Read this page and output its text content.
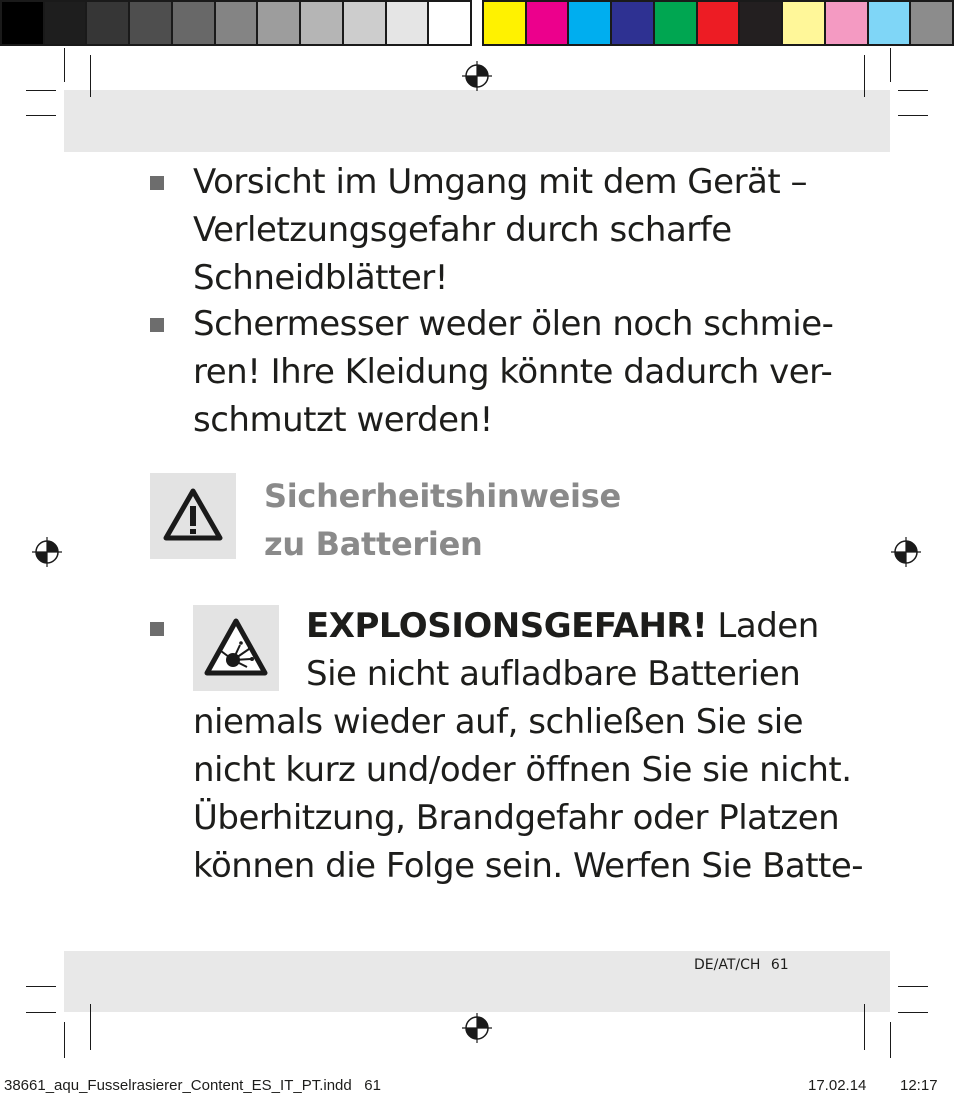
Vorsicht im Umgang mit dem Gerät –
Verletzungsgefahr durch scharfe
Schneidblätter!
Schermesser weder ölen noch schmie-
ren! Ihre Kleidung könnte dadurch ver-
schmutzt werden!
Sicherheitshinweise
zu Batterien
EXPLOSIONSGEFAHR! Laden
Sie nicht aufladbare Batterien
niemals wieder auf, schließen Sie sie
nicht kurz und/oder öffnen Sie sie nicht.
Überhitzung, Brandgefahr oder Platzen
können die Folge sein. Werfen Sie Batte-
DE/AT/CH 61
38661_aqu_Fusselrasierer_Content_ES_IT_PT.indd   61	17.02.14 12:17
